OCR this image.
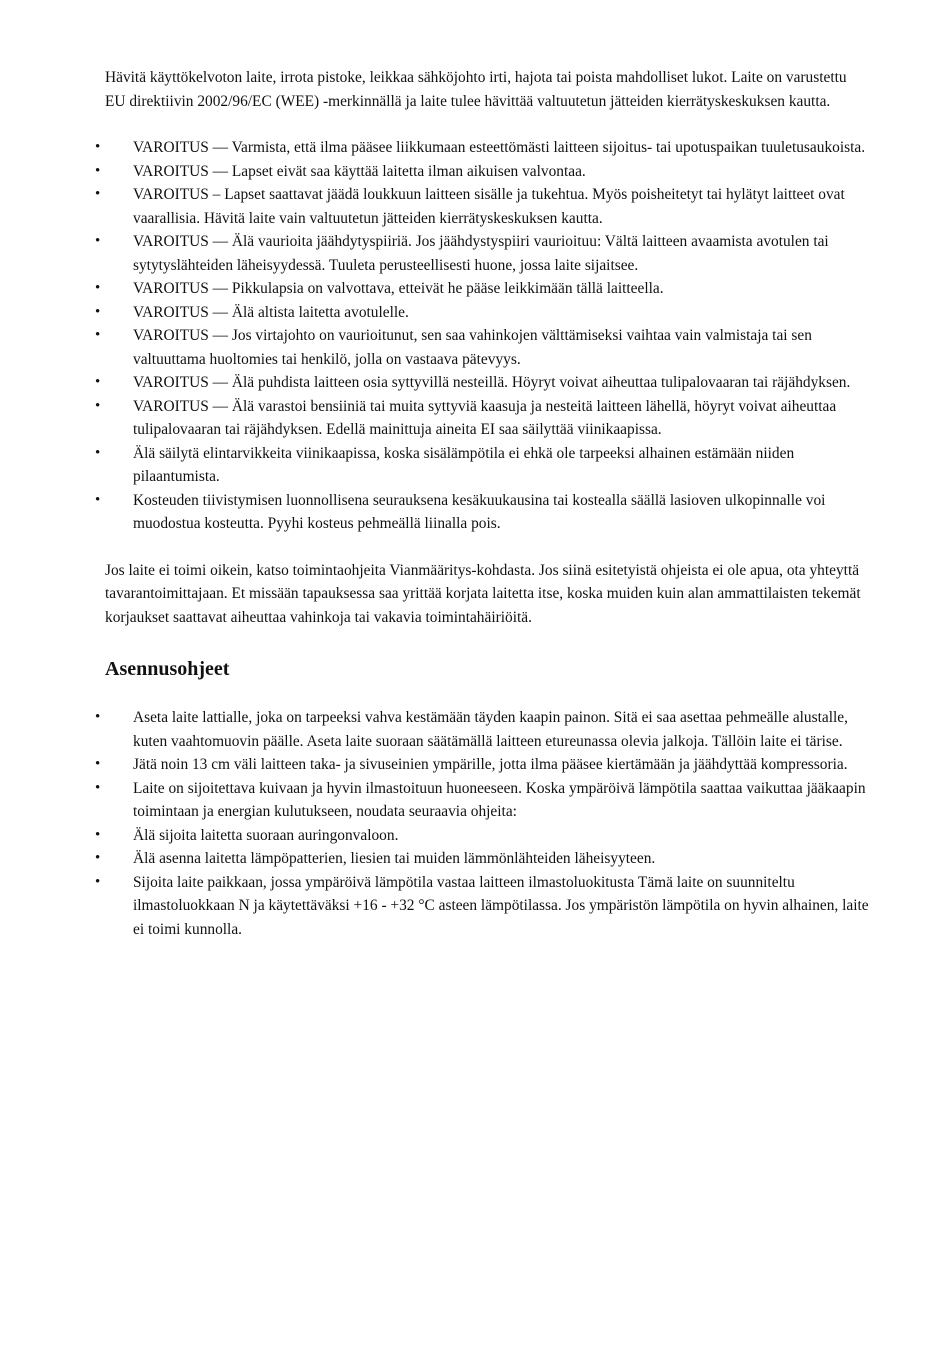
Hävitä käyttökelvoton laite, irrota pistoke, leikkaa sähköjohto irti, hajota tai poista mahdolliset lukot. Laite on varustettu EU direktiivin 2002/96/EC (WEE) -merkinnällä ja laite tulee hävittää valtuutetun jätteiden kierrätyskeskuksen kautta.

• VAROITUS — Varmista, että ilma pääsee liikkumaan esteettömästi laitteen sijoitus- tai upotuspaikan tuuletusaukoista.
• VAROITUS — Lapset eivät saa käyttää laitetta ilman aikuisen valvontaa.
• VAROITUS – Lapset saattavat jäädä loukkuun laitteen sisälle ja tukehtua. Myös poisheitetyt tai hylätyt laitteet ovat vaarallisia. Hävitä laite vain valtuutetun jätteiden kierrätyskeskuksen kautta.
• VAROITUS — Älä vaurioita jäähdytyspiiriä. Jos jäähdystyspiiri vaurioituu: Vältä laitteen avaamista avotulen tai sytytyslähteiden läheisyydessä. Tuuleta perusteellisesti huone, jossa laite sijaitsee.
• VAROITUS — Pikkulapsia on valvottava, etteivät he pääse leikkimään tällä laitteella.
• VAROITUS — Älä altista laitetta avotulelle.
• VAROITUS — Jos virtajohto on vaurioitunut, sen saa vahinkojen välttämiseksi vaihtaa vain valmistaja tai sen valtuuttama huoltomies tai henkilö, jolla on vastaava pätevyys.
• VAROITUS — Älä puhdista laitteen osia syttyvillä nesteillä. Höyryt voivat aiheuttaa tulipalovaaran tai räjähdyksen.
• VAROITUS — Älä varastoi bensiiniä tai muita syttyviä kaasuja ja nesteitä laitteen lähellä, höyryt voivat aiheuttaa tulipalovaaran tai räjähdyksen. Edellä mainittuja aineita EI saa säilyttää viinikaapissa.
• Älä säilytä elintarvikkeita viinikaapissa, koska sisälämpötila ei ehkä ole tarpeeksi alhainen estämään niiden pilaantumista.
• Kosteuden tiivistymisen luonnollisena seurauksena kesäkuukausina tai kostealla säällä lasioven ulkopinnalle voi muodostua kosteutta. Pyyhi kosteus pehmeällä liinalla pois.

Jos laite ei toimi oikein, katso toimintaohjeita Vianmääritys-kohdasta. Jos siinä esitetyistä ohjeista ei ole apua, ota yhteyttä tavarantoimittajaan. Et missään tapauksessa saa yrittää korjata laitetta itse, koska muiden kuin alan ammattilaisten tekemät korjaukset saattavat aiheuttaa vahinkoja tai vakavia toimintahäiriöitä.

Asennusohjeet
• Aseta laite lattialle, joka on tarpeeksi vahva kestämään täyden kaapin painon. Sitä ei saa asettaa pehmeälle alustalle, kuten vaahtomuovin päälle. Aseta laite suoraan säätämällä laitteen etureunassa olevia jalkoja. Tällöin laite ei tärise.
• Jätä noin 13 cm väli laitteen taka- ja sivuseinien ympärille, jotta ilma pääsee kiertämään ja jäähdyttää kompressoria.
• Laite on sijoitettava kuivaan ja hyvin ilmastoituun huoneeseen. Koska ympäröivä lämpötila saattaa vaikuttaa jääkaapin toimintaan ja energian kulutukseen, noudata seuraavia ohjeita:
• Älä sijoita laitetta suoraan auringonvaloon.
• Älä asenna laitetta lämpöpatterien, liesien tai muiden lämmönlähteiden läheisyyteen.
• Sijoita laite paikkaan, jossa ympäröivä lämpötila vastaa laitteen ilmastoluokitusta Tämä laite on suunniteltu ilmastoluokkaan N ja käytettäväksi +16 - +32 °C asteen lämpötilassa. Jos ympäristön lämpötila on hyvin alhainen, laite ei toimi kunnolla.
